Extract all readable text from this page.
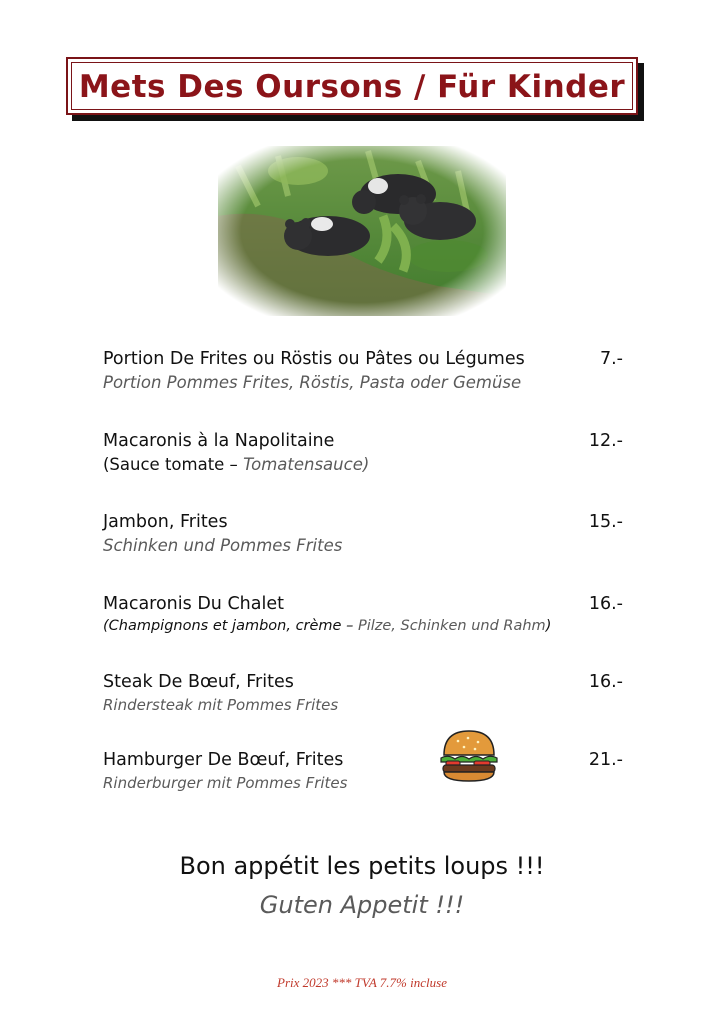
Mets Des Oursons / Für Kinder
Portion De Frites ou Röstis ou Pâtes ou Légumes
Portion Pommes Frites, Röstis, Pasta oder Gemüse
7.-
Macaronis à la Napolitaine
(Sauce tomate – Tomatensauce)
12.-
Jambon, Frites
Schinken und Pommes Frites
15.-
Macaronis Du Chalet
(Champignons et jambon, crème – Pilze, Schinken und Rahm)
16.-
Steak De Bœuf, Frites
Rindersteak mit Pommes Frites
16.-
Hamburger De Bœuf, Frites
Rinderburger mit Pommes Frites
21.-
Bon appétit les petits loups !!!
Guten Appetit !!!
Prix 2023 *** TVA 7.7% incluse
